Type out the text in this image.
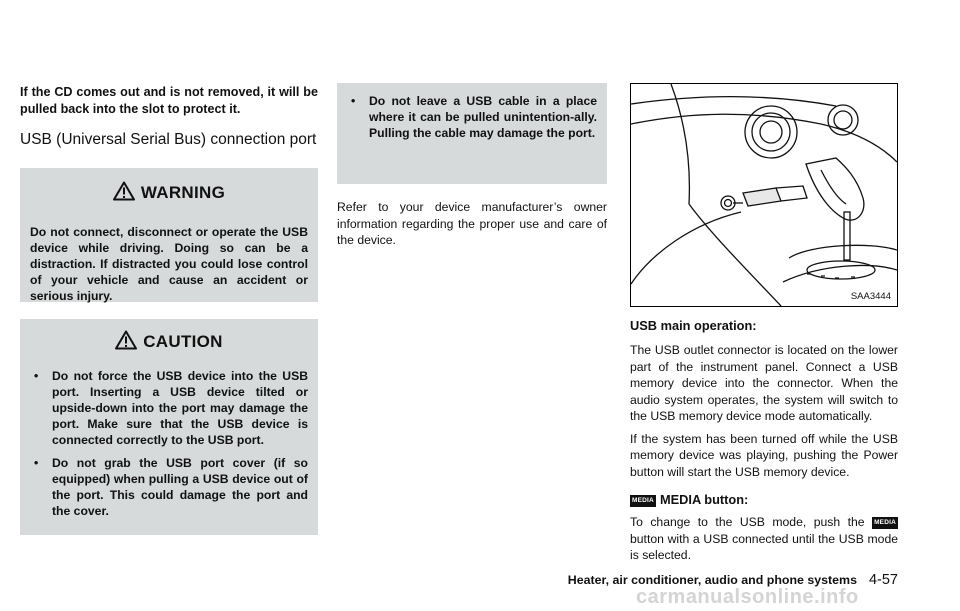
If the CD comes out and is not removed, it will be pulled back into the slot to protect it.

USB (Universal Serial Bus) connection port
WARNING

Do not connect, disconnect or operate the USB device while driving. Doing so can be a distraction. If distracted you could lose control of your vehicle and cause an accident or serious injury.

CAUTION
• Do not force the USB device into the USB port. Inserting a USB device tilted or upside-down into the port may damage the port. Make sure that the USB device is connected correctly to the USB port.
• Do not grab the USB port cover (if so equipped) when pulling a USB device out of the port. This could damage the port and the cover.
• Do not leave a USB cable in a place where it can be pulled unintention-ally. Pulling the cable may damage the port.

Refer to your device manufacturer’s owner information regarding the proper use and care of the device.

SAA3444

USB main operation:

The USB outlet connector is located on the lower part of the instrument panel. Connect a USB memory device into the connector. When the audio system operates, the system will switch to the USB memory device mode automatically.

If the system has been turned off while the USB memory device was playing, pushing the Power button will start the USB memory device.

MEDIA MEDIA button:

To change to the USB mode, push the MEDIA button with a USB connected until the USB mode is selected.

Heater, air conditioner, audio and phone systems 4-57
carmanualsonline.info
